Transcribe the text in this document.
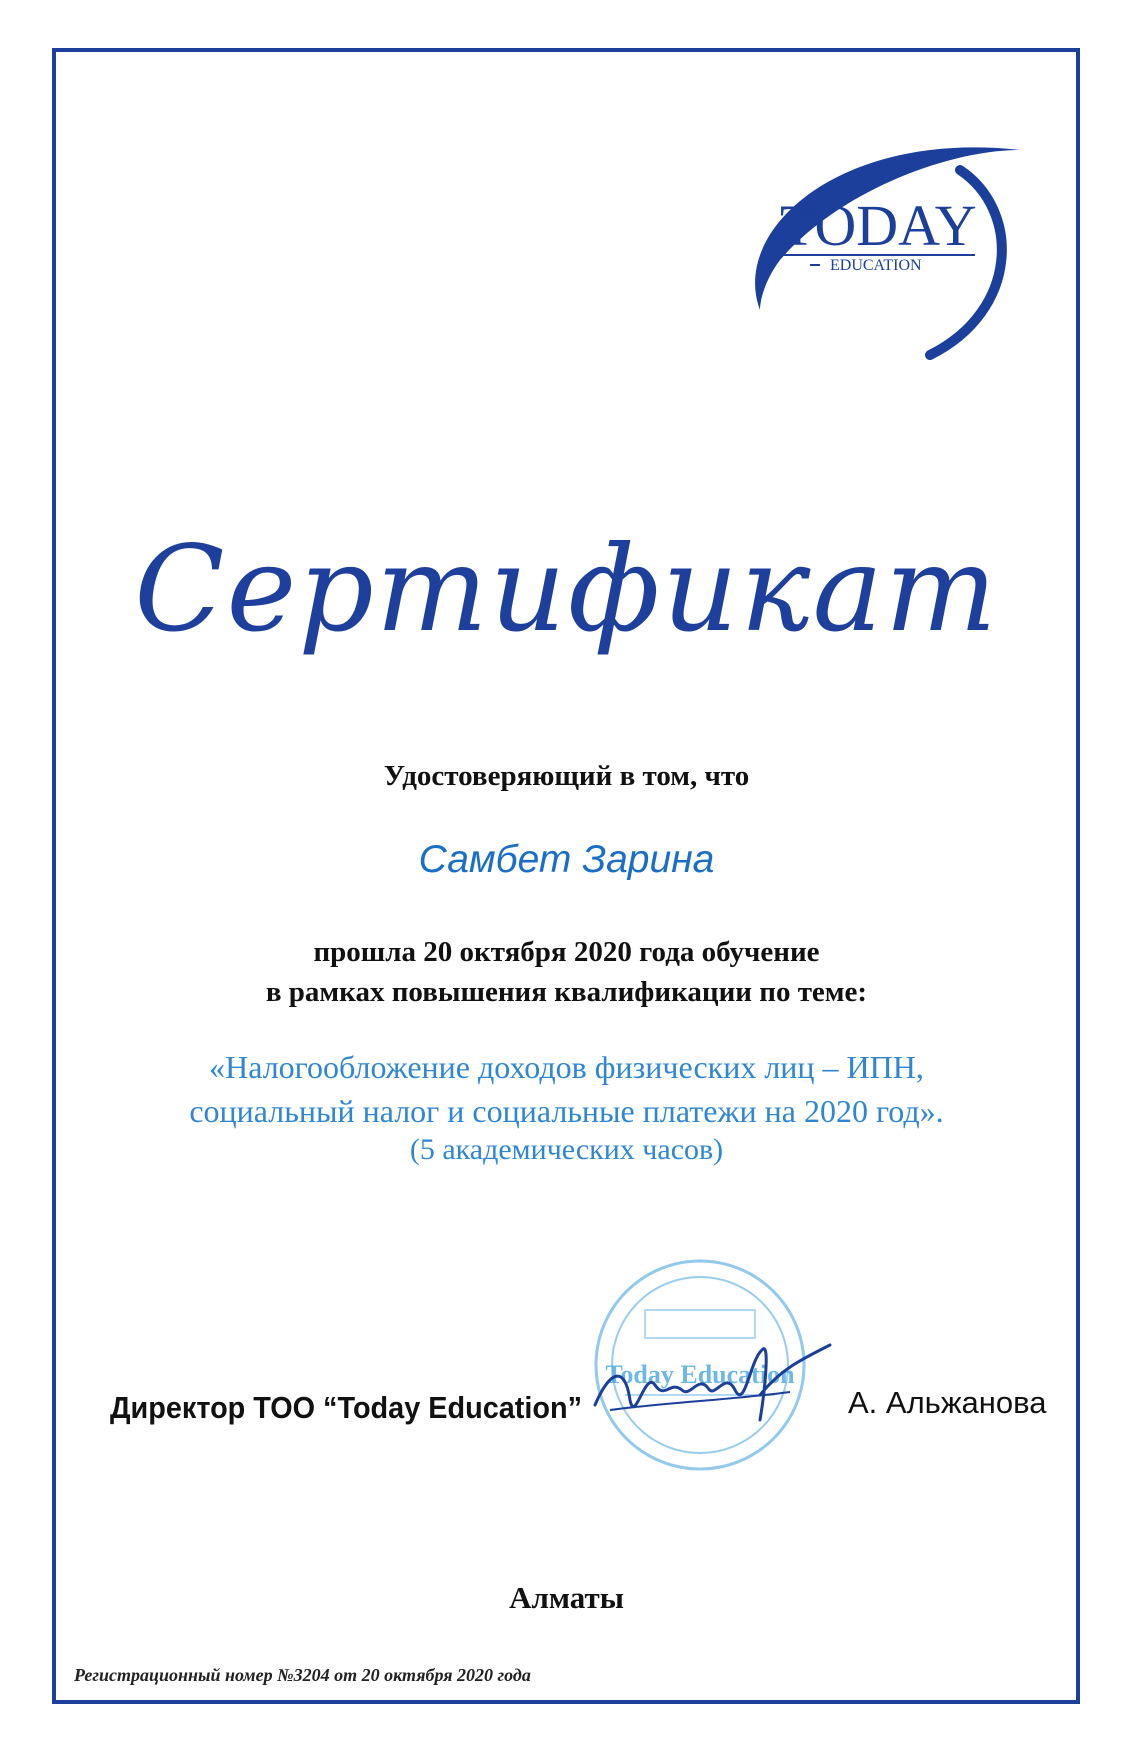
TODAY
EDUCATION
Сертификат
Удостоверяющий в том, что
Самбет Зарина
прошла 20 октября 2020 года обучение
в рамках повышения квалификации по теме:
«Налогообложение доходов физических лиц – ИПН,
социальный налог и социальные платежи на 2020 год».
(5 академических часов)
Today Education
Директор ТОО “Today Education”	А. Альжанова
Алматы
Регистрационный номер №3204 от 20 октября 2020 года
